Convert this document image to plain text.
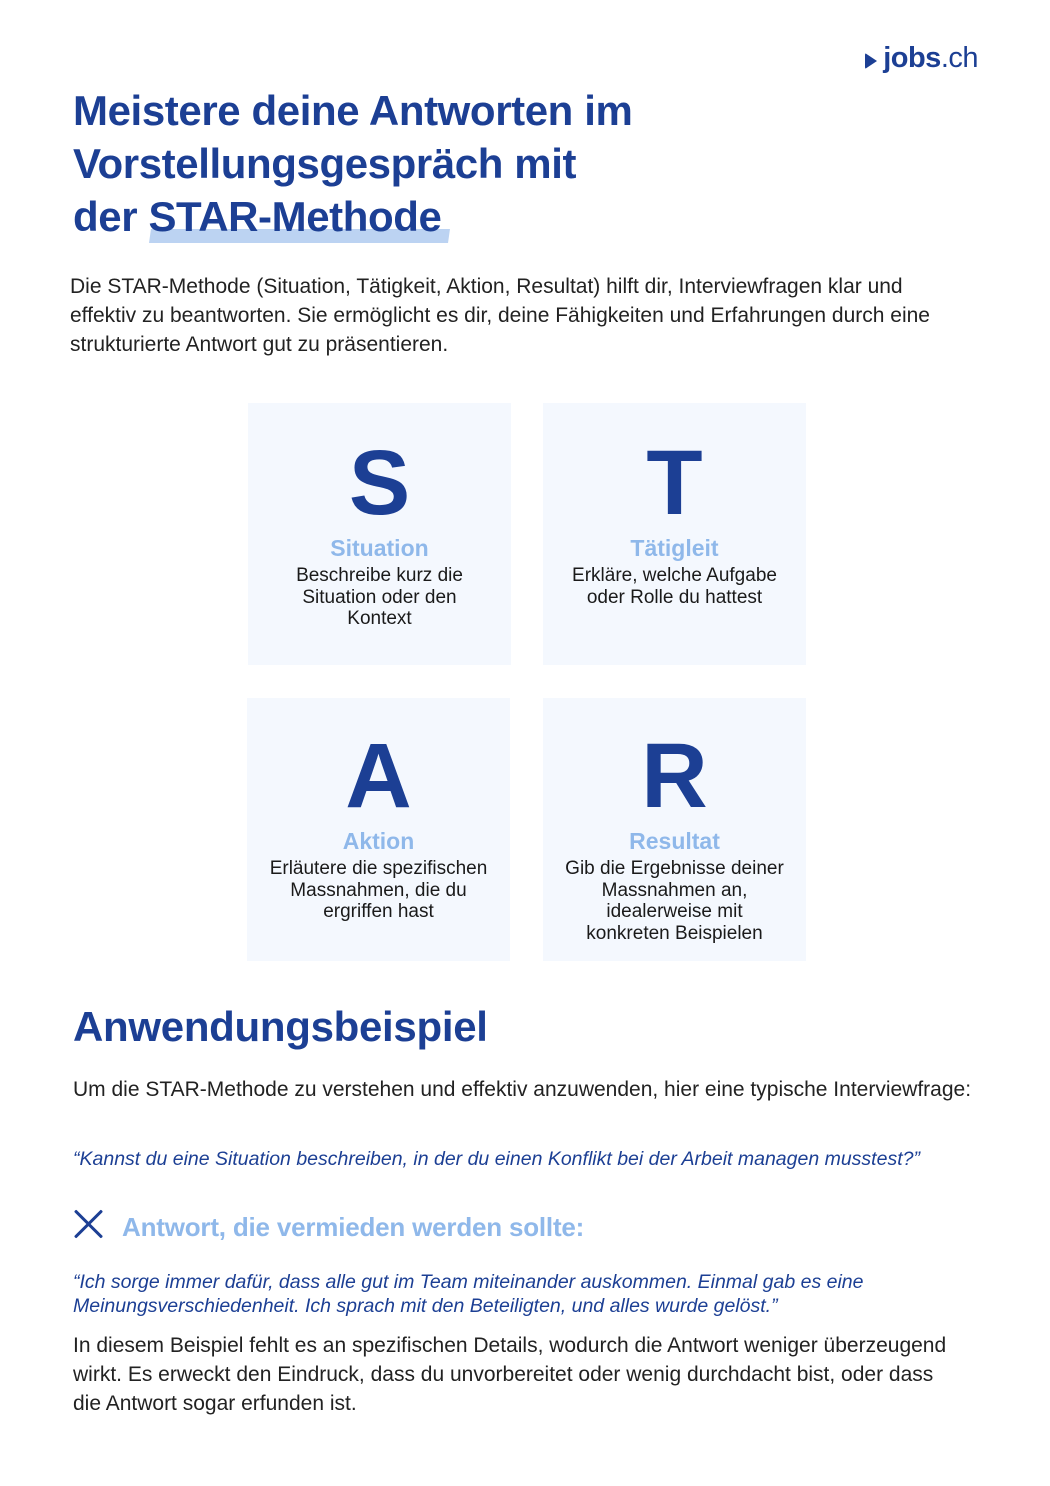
jobs.ch
Meistere deine Antworten im
Vorstellungsgespräch mit
der STAR-Methode

Die STAR-Methode (Situation, Tätigkeit, Aktion, Resultat) hilft dir, Interviewfragen klar und effektiv zu beantworten. Sie ermöglicht es dir, deine Fähigkeiten und Erfahrungen durch eine strukturierte Antwort gut zu präsentieren.

S
Situation
Beschreibe kurz die Situation oder den Kontext
T
Tätigleit
Erkläre, welche Aufgabe oder Rolle du hattest
A
Aktion
Erläutere die spezifischen Massnahmen, die du ergriffen hast
R
Resultat
Gib die Ergebnisse deiner Massnahmen an, idealerweise mit konkreten Beispielen
Anwendungsbeispiel

Um die STAR-Methode zu verstehen und effektiv anzuwenden, hier eine typische Interviewfrage:

“Kannst du eine Situation beschreiben, in der du einen Konflikt bei der Arbeit managen musstest?”

Antwort, die vermieden werden sollte:

“Ich sorge immer dafür, dass alle gut im Team miteinander auskommen. Einmal gab es eine Meinungsverschiedenheit. Ich sprach mit den Beteiligten, und alles wurde gelöst.”

In diesem Beispiel fehlt es an spezifischen Details, wodurch die Antwort weniger überzeugend wirkt. Es erweckt den Eindruck, dass du unvorbereitet oder wenig durchdacht bist, oder dass die Antwort sogar erfunden ist.
